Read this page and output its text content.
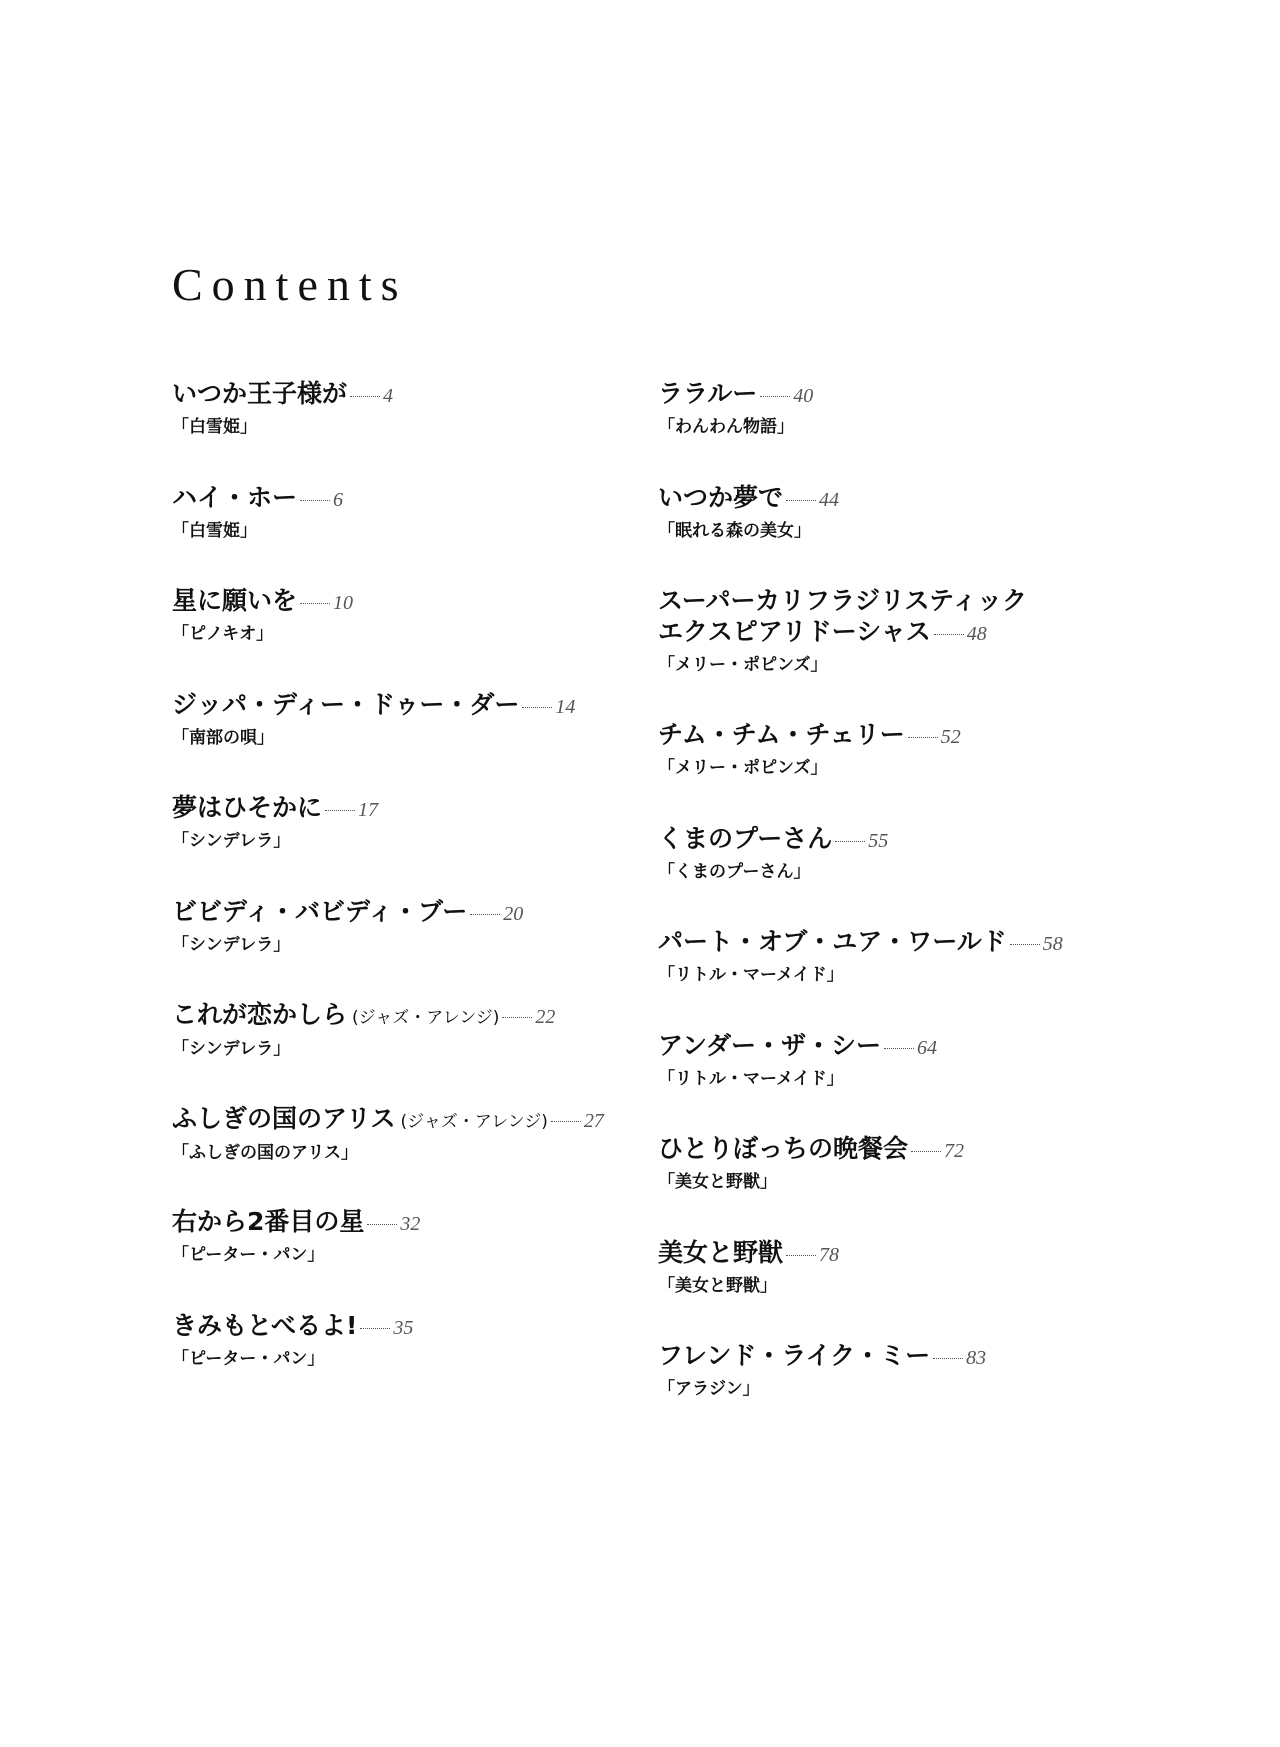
Contents
いつか王子様が 4
「白雪姫」
ハイ・ホー 6
「白雪姫」
星に願いを 10
「ピノキオ」
ジッパ・ディー・ドゥー・ダー 14
「南部の唄」
夢はひそかに 17
「シンデレラ」
ビビディ・バビディ・ブー 20
「シンデレラ」
これが恋かしら (ジャズ・アレンジ) 22
「シンデレラ」
ふしぎの国のアリス (ジャズ・アレンジ) 27
「ふしぎの国のアリス」
右から2番目の星 32
「ピーター・パン」
きみもとべるよ! 35
「ピーター・パン」
ララルー 40
「わんわん物語」
いつか夢で 44
「眠れる森の美女」
スーパーカリフラジリスティック
エクスピアリドーシャス 48
「メリー・ポピンズ」
チム・チム・チェリー 52
「メリー・ポピンズ」
くまのプーさん 55
「くまのプーさん」
パート・オブ・ユア・ワールド 58
「リトル・マーメイド」
アンダー・ザ・シー 64
「リトル・マーメイド」
ひとりぼっちの晩餐会 72
「美女と野獣」
美女と野獣 78
「美女と野獣」
フレンド・ライク・ミー 83
「アラジン」
